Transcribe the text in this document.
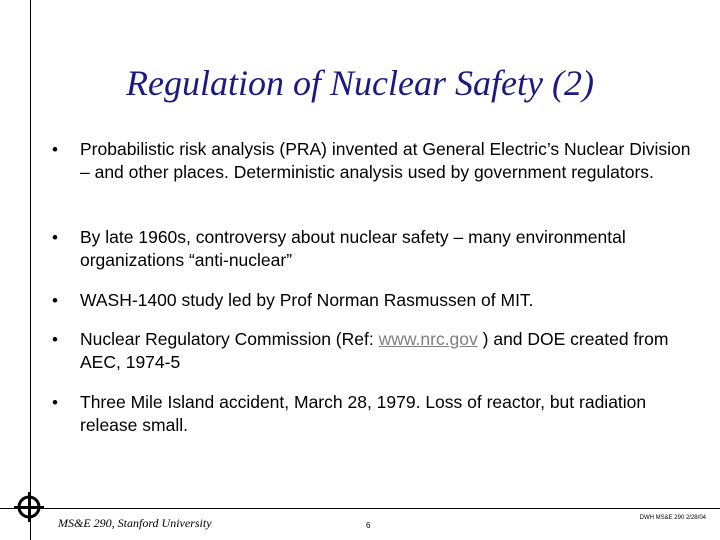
Regulation of Nuclear Safety (2)
• Probabilistic risk analysis (PRA) invented at General Electric’s Nuclear Division – and other places. Deterministic analysis used by government regulators.
• By late 1960s, controversy about nuclear safety – many environmental organizations “anti-nuclear”
• WASH-1400 study led by Prof Norman Rasmussen of MIT.
• Nuclear Regulatory Commission (Ref: www.nrc.gov ) and DOE created from AEC, 1974-5
• Three Mile Island accident, March 28, 1979. Loss of reactor, but radiation release small.
MS&E 290, Stanford University	6
DWH MS&E 290 2/28/04
